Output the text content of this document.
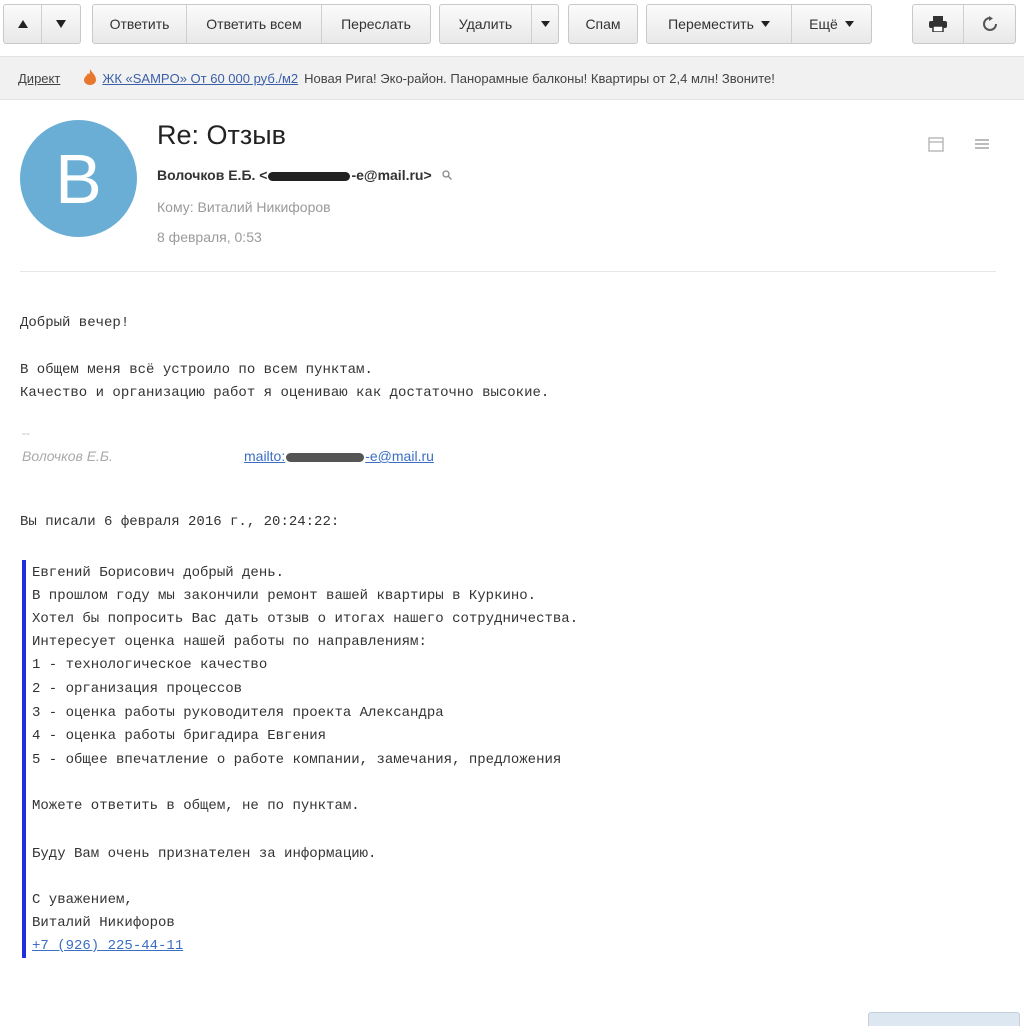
Ответить	Ответить всем	Переслать	Удалить	Спам	Переместить	Ещё
Директ	ЖК «SAMPO» От 60 000 руб./м2 Новая Рига! Эко-район. Панорамные балконы! Квартиры от 2,4 млн! Звоните!
В
Re: Отзыв
Волочков Е.Б. <	-e@mail.ru>
Кому: Виталий Никифоров
8 февраля, 0:53
Добрый вечер!
В общем меня всё устроило по всем пунктам.
Качество и организацию работ я оцениваю как достаточно высокие.
--
Волочков Е.Б.	mailto:	-e@mail.ru
Вы писали 6 февраля 2016 г., 20:24:22:
Евгений Борисович добрый день.
В прошлом году мы закончили ремонт вашей квартиры в Куркино.
Хотел бы попросить Вас дать отзыв о итогах нашего сотрудничества.
Интересует оценка нашей работы по направлениям:
1 - технологическое качество
2 - организация процессов
3 - оценка работы руководителя проекта Александра
4 - оценка работы бригадира Евгения
5 - общее впечатление о работе компании, замечания, предложения
Можете ответить в общем, не по пунктам.
Буду Вам очень признателен за информацию.
С уважением,
Виталий Никифоров
+7 (926) 225-44-11
